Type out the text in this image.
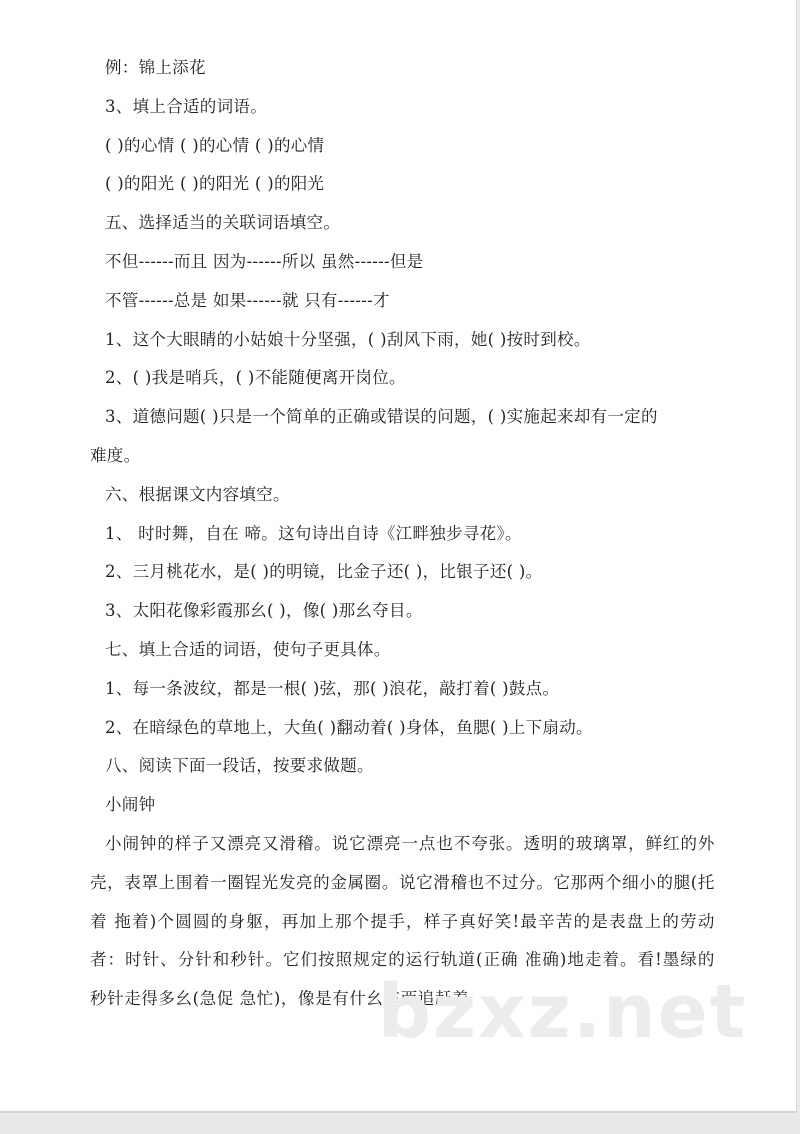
例：锦上添花
3、填上合适的词语。
( )的心情 ( )的心情 ( )的心情
( )的阳光 ( )的阳光 ( )的阳光
五、选择适当的关联词语填空。
不但------而且 因为------所以 虽然------但是
不管------总是 如果------就 只有------才
1、这个大眼睛的小姑娘十分坚强，( )刮风下雨，她( )按时到校。
2、( )我是哨兵，( )不能随便离开岗位。
3、道德问题( )只是一个简单的正确或错误的问题，( )实施起来却有一定的
难度。
六、根据课文内容填空。
1、 时时舞，自在 啼。这句诗出自诗《江畔独步寻花》。
2、三月桃花水，是( )的明镜，比金子还( )，比银子还( )。
3、太阳花像彩霞那幺( )，像( )那幺夺目。
七、填上合适的词语，使句子更具体。
1、每一条波纹，都是一根( )弦，那( )浪花，敲打着( )鼓点。
2、在暗绿色的草地上，大鱼( )翻动着( )身体，鱼腮( )上下扇动。
八、阅读下面一段话，按要求做题。
小闹钟
小闹钟的样子又漂亮又滑稽。说它漂亮一点也不夸张。透明的玻璃罩，鲜红的外壳，表罩上围着一圈锃光发亮的金属圈。说它滑稽也不过分。它那两个细小的腿(托着 拖着)个圆圆的身躯，再加上那个提手，样子真好笑!最辛苦的是表盘上的劳动者：时针、分针和秒针。它们按照规定的运行轨道(正确 准确)地走着。看!墨绿的秒针走得多幺(急促 急忙)，像是有什幺东西追赶着
bzxz.net
